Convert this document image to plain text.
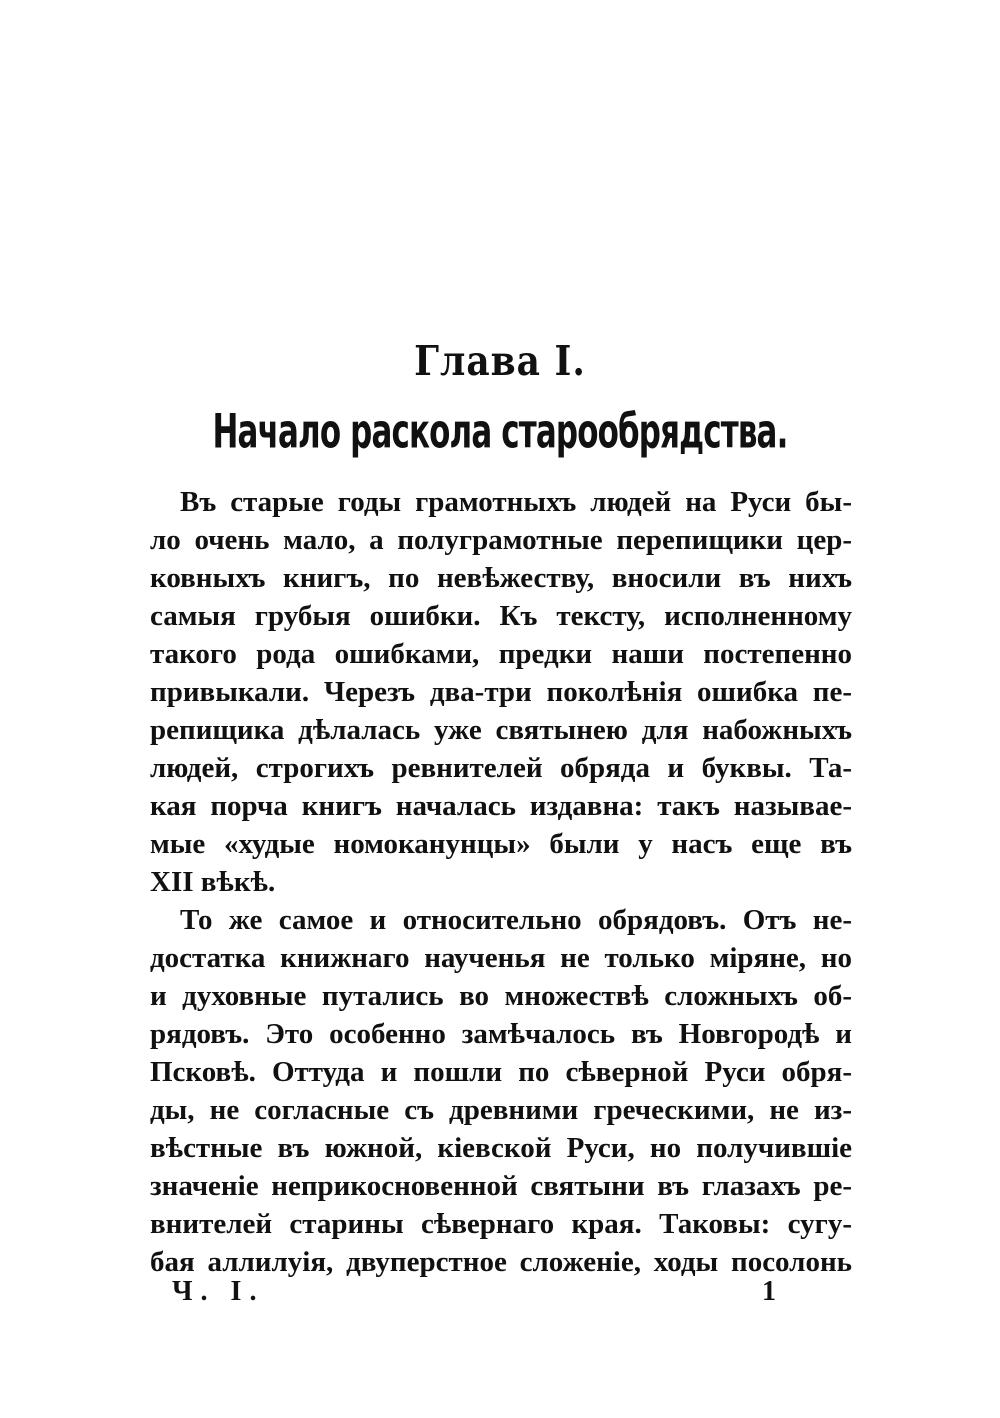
Глава I.
Начало раскола старообрядства.
Въ старые годы грамотныхъ людей на Руси бы-
ло очень мало, а полуграмотные перепищики цер-
ковныхъ книгъ, по невѣжеству, вносили въ нихъ
самыя грубыя ошибки. Къ тексту, исполненному
такого рода ошибками, предки наши постепенно
привыкали. Черезъ два-три поколѣнія ошибка пе-
репищика дѣлалась уже святынею для набожныхъ
людей, строгихъ ревнителей обряда и буквы. Та-
кая порча книгъ началась издавна: такъ называе-
мые «худые номоканунцы» были у насъ еще въ
XII вѣкѣ.
То же самое и относительно обрядовъ. Отъ не-
достатка книжнаго наученья не только міряне, но
и духовные путались во множествѣ сложныхъ об-
рядовъ. Это особенно замѣчалось въ Новгородѣ и
Псковѣ. Оттуда и пошли по сѣверной Руси обря-
ды, не согласные съ древними греческими, не из-
вѣстные въ южной, кіевской Руси, но получившіе
значеніе неприкосновенной святыни въ глазахъ ре-
внителей старины сѣвернаго края. Таковы: сугу-
бая аллилуія, двуперстное сложеніе, ходы посолонь
Ч. I.	1
